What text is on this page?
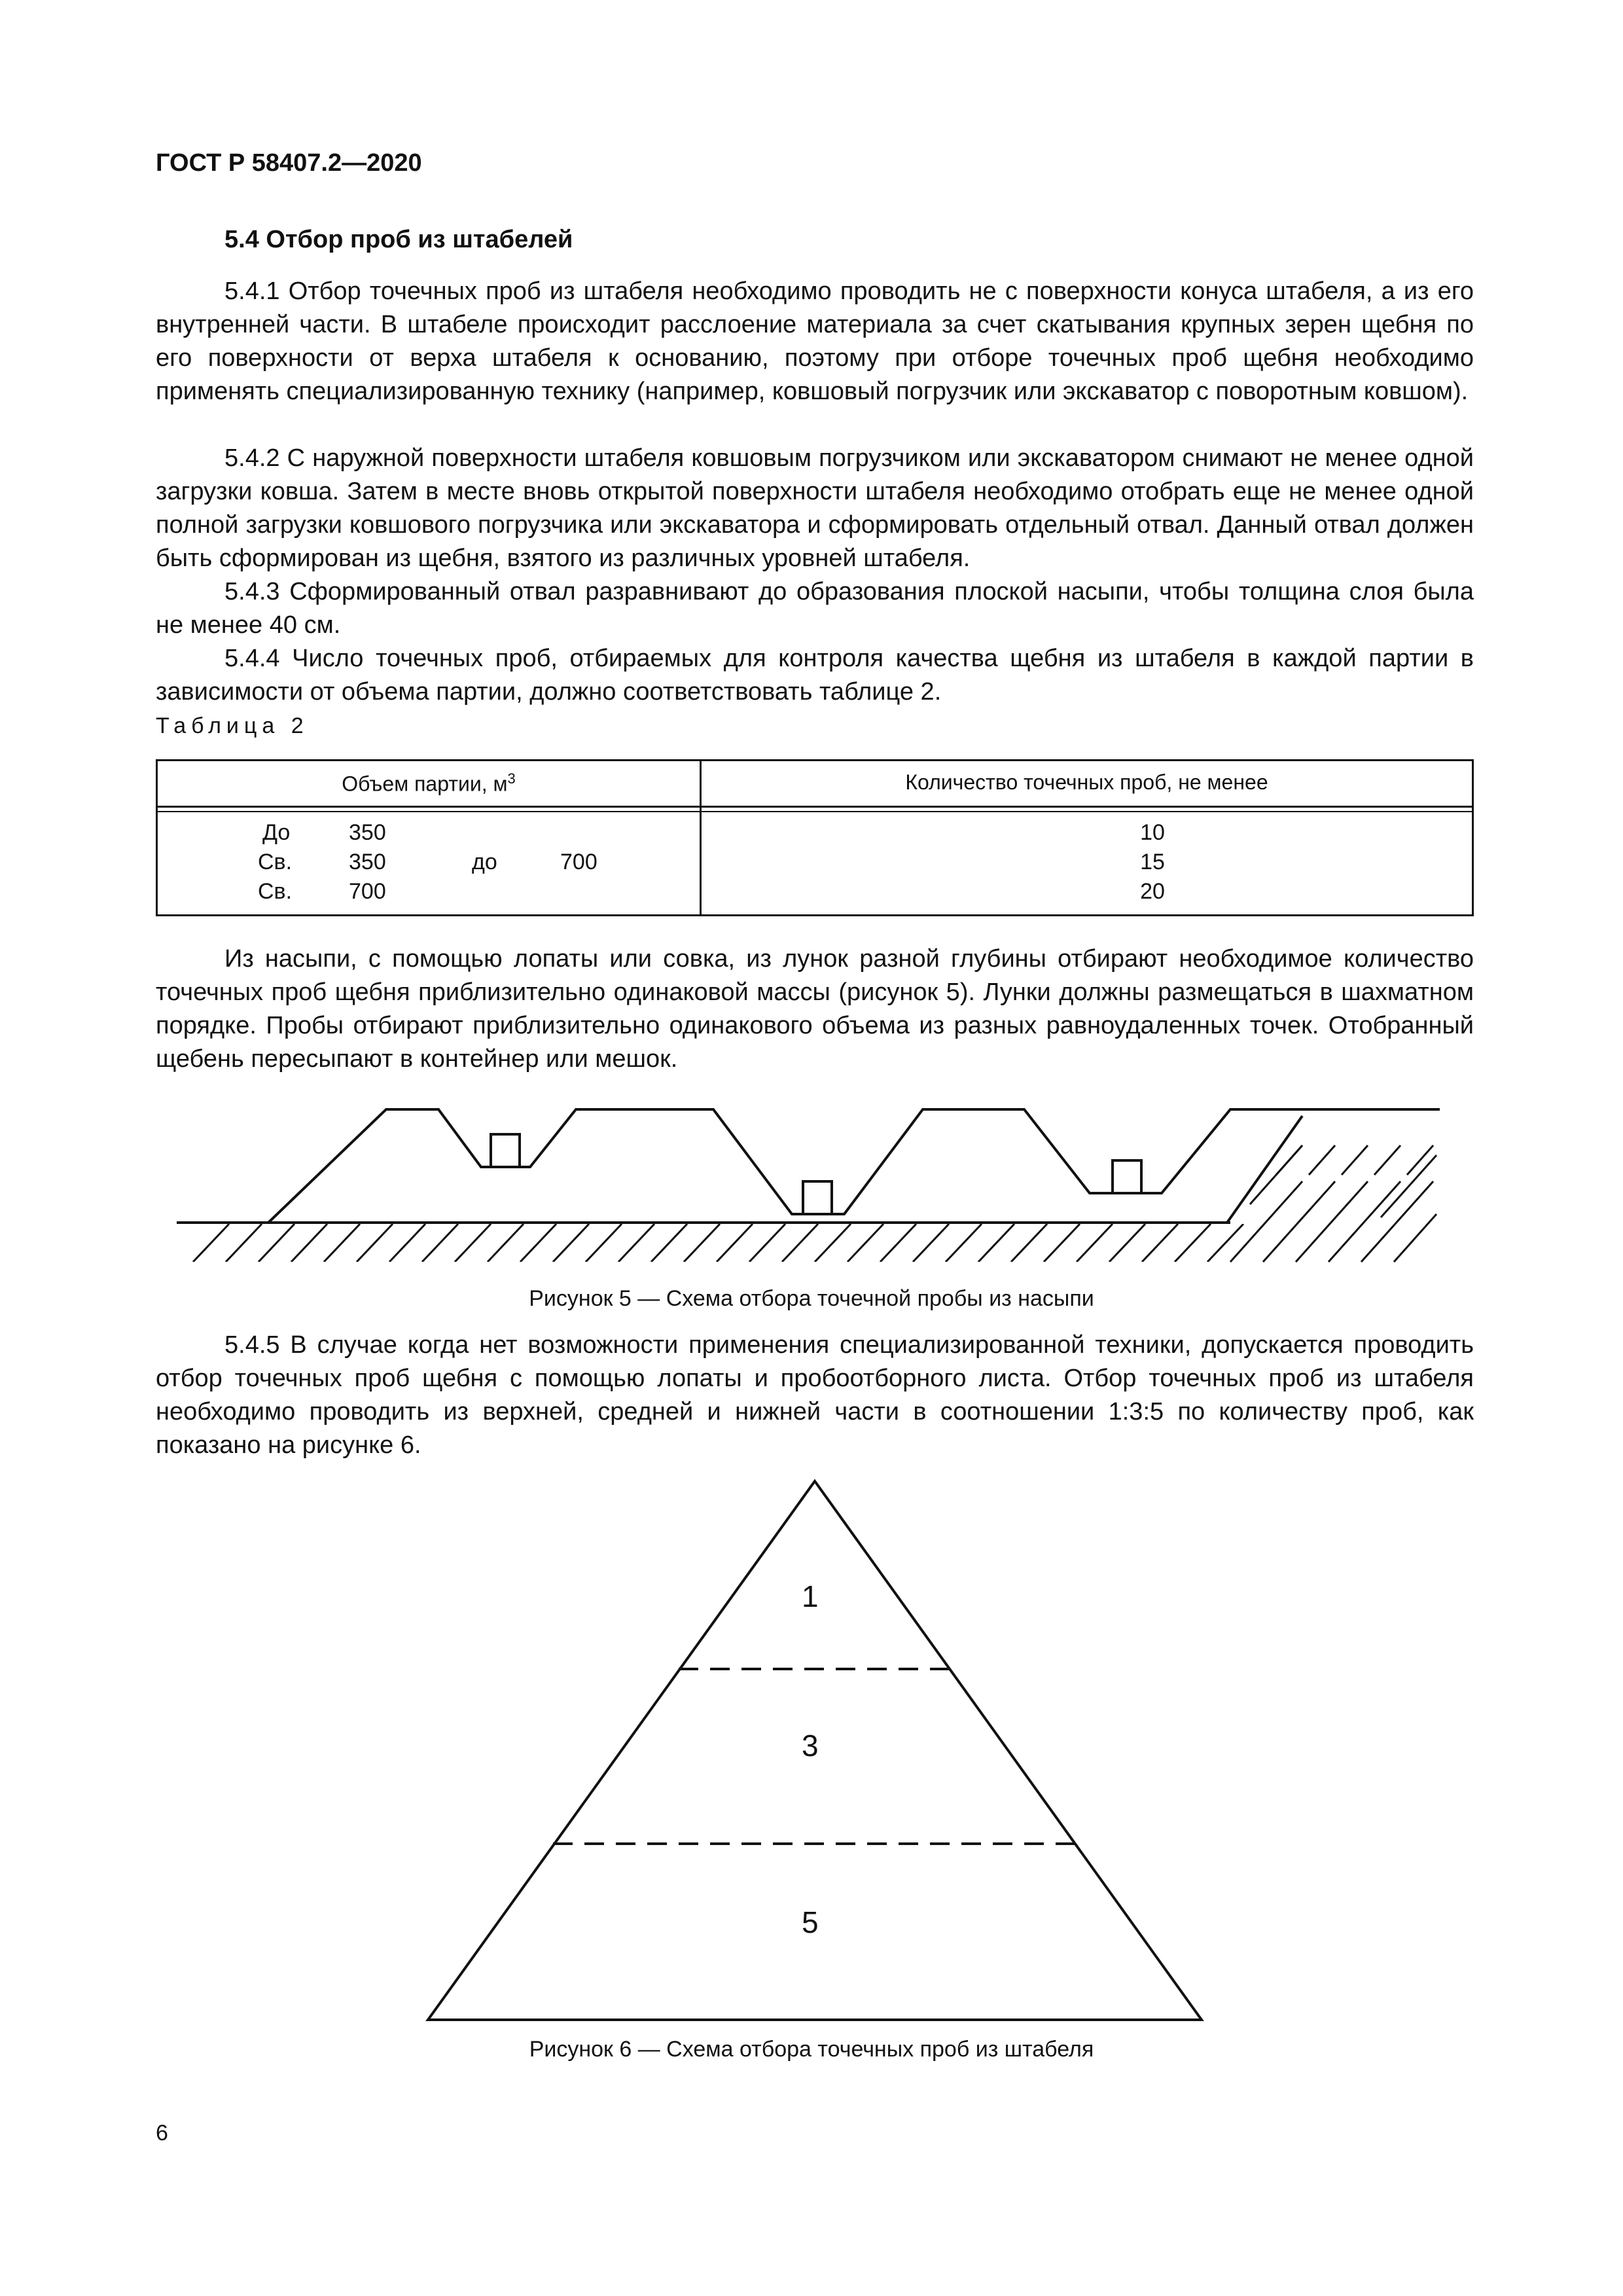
ГОСТ Р 58407.2—2020
5.4 Отбор проб из штабелей

5.4.1 Отбор точечных проб из штабеля необходимо проводить не с поверхности конуса штабеля, а из его внутренней части. В штабеле происходит расслоение материала за счет скатывания крупных зерен щебня по его поверхности от верха штабеля к основанию, поэтому при отборе точечных проб щебня необходимо применять специализированную технику (например, ковшовый погрузчик или экскаватор с поворотным ковшом).

5.4.2 С наружной поверхности штабеля ковшовым погрузчиком или экскаватором снимают не менее одной загрузки ковша. Затем в месте вновь открытой поверхности штабеля необходимо отобрать еще не менее одной полной загрузки ковшового погрузчика или экскаватора и сформировать отдельный отвал. Данный отвал должен быть сформирован из щебня, взятого из различных уровней штабеля.

5.4.3 Сформированный отвал разравнивают до образования плоской насыпи, чтобы толщина слоя была не менее 40 см.

5.4.4 Число точечных проб, отбираемых для контроля качества щебня из штабеля в каждой партии в зависимости от объема партии, должно соответствовать таблице 2.

Таблица 2
Объем партии, $м^3$	Количество точечных проб, не менее
До	350	10
Св.	350	до	700	15
Св.	700	20

Из насыпи, с помощью лопаты или совка, из лунок разной глубины отбирают необходимое количество точечных проб щебня приблизительно одинаковой массы (рисунок 5). Лунки должны размещаться в шахматном порядке. Пробы отбирают приблизительно одинакового объема из разных равноудаленных точек. Отобранный щебень пересыпают в контейнер или мешок.

Рисунок 5 — Схема отбора точечной пробы из насыпи

5.4.5 В случае когда нет возможности применения специализированной техники, допускается проводить отбор точечных проб щебня с помощью лопаты и пробоотборного листа. Отбор точечных проб из штабеля необходимо проводить из верхней, средней и нижней части в соотношении 1:3:5 по количеству проб, как показано на рисунке 6.

1
3
5
Рисунок 6 — Схема отбора точечных проб из штабеля
6
